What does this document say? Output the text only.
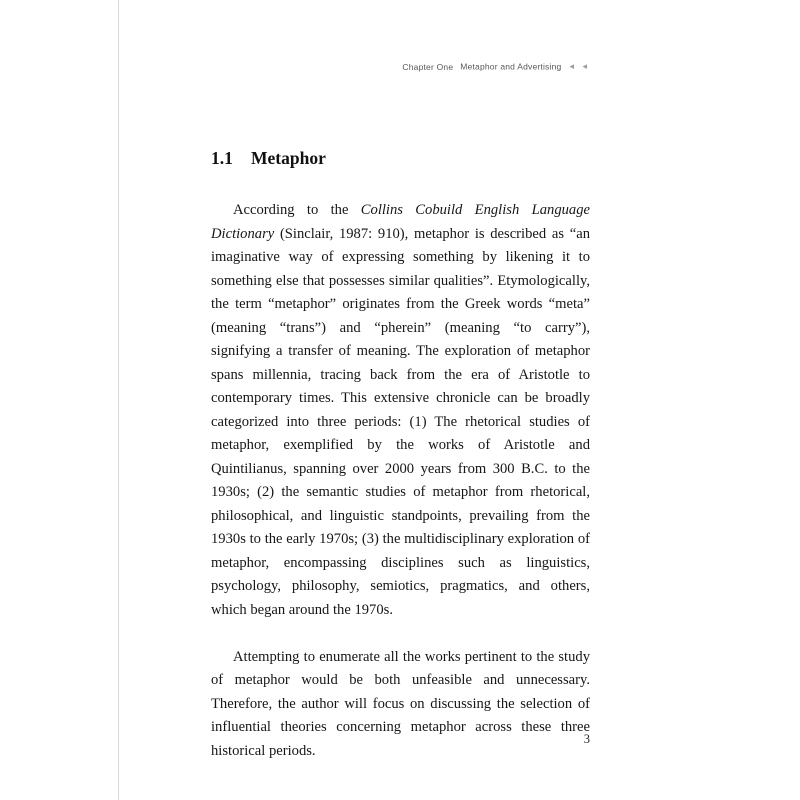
Chapter One Metaphor and Advertising ◂ ◂
1.1 Metaphor

According to the Collins Cobuild English Language Dictionary (Sinclair, 1987: 910), metaphor is described as “an imaginative way of expressing something by likening it to something else that possesses similar qualities”. Etymologically, the term “metaphor” originates from the Greek words “meta” (meaning “trans”) and “pherein” (meaning “to carry”), signifying a transfer of meaning. The exploration of metaphor spans millennia, tracing back from the era of Aristotle to contemporary times. This extensive chronicle can be broadly categorized into three periods: (1) The rhetorical studies of metaphor, exemplified by the works of Aristotle and Quintilianus, spanning over 2000 years from 300 B.C. to the 1930s; (2) the semantic studies of metaphor from rhetorical, philosophical, and linguistic standpoints, prevailing from the 1930s to the early 1970s; (3) the multidisciplinary exploration of metaphor, encompassing disciplines such as linguistics, psychology, philosophy, semiotics, pragmatics, and others, which began around the 1970s.

Attempting to enumerate all the works pertinent to the study of metaphor would be both unfeasible and unnecessary. Therefore, the author will focus on discussing the selection of influential theories concerning metaphor across these three historical periods.

3
